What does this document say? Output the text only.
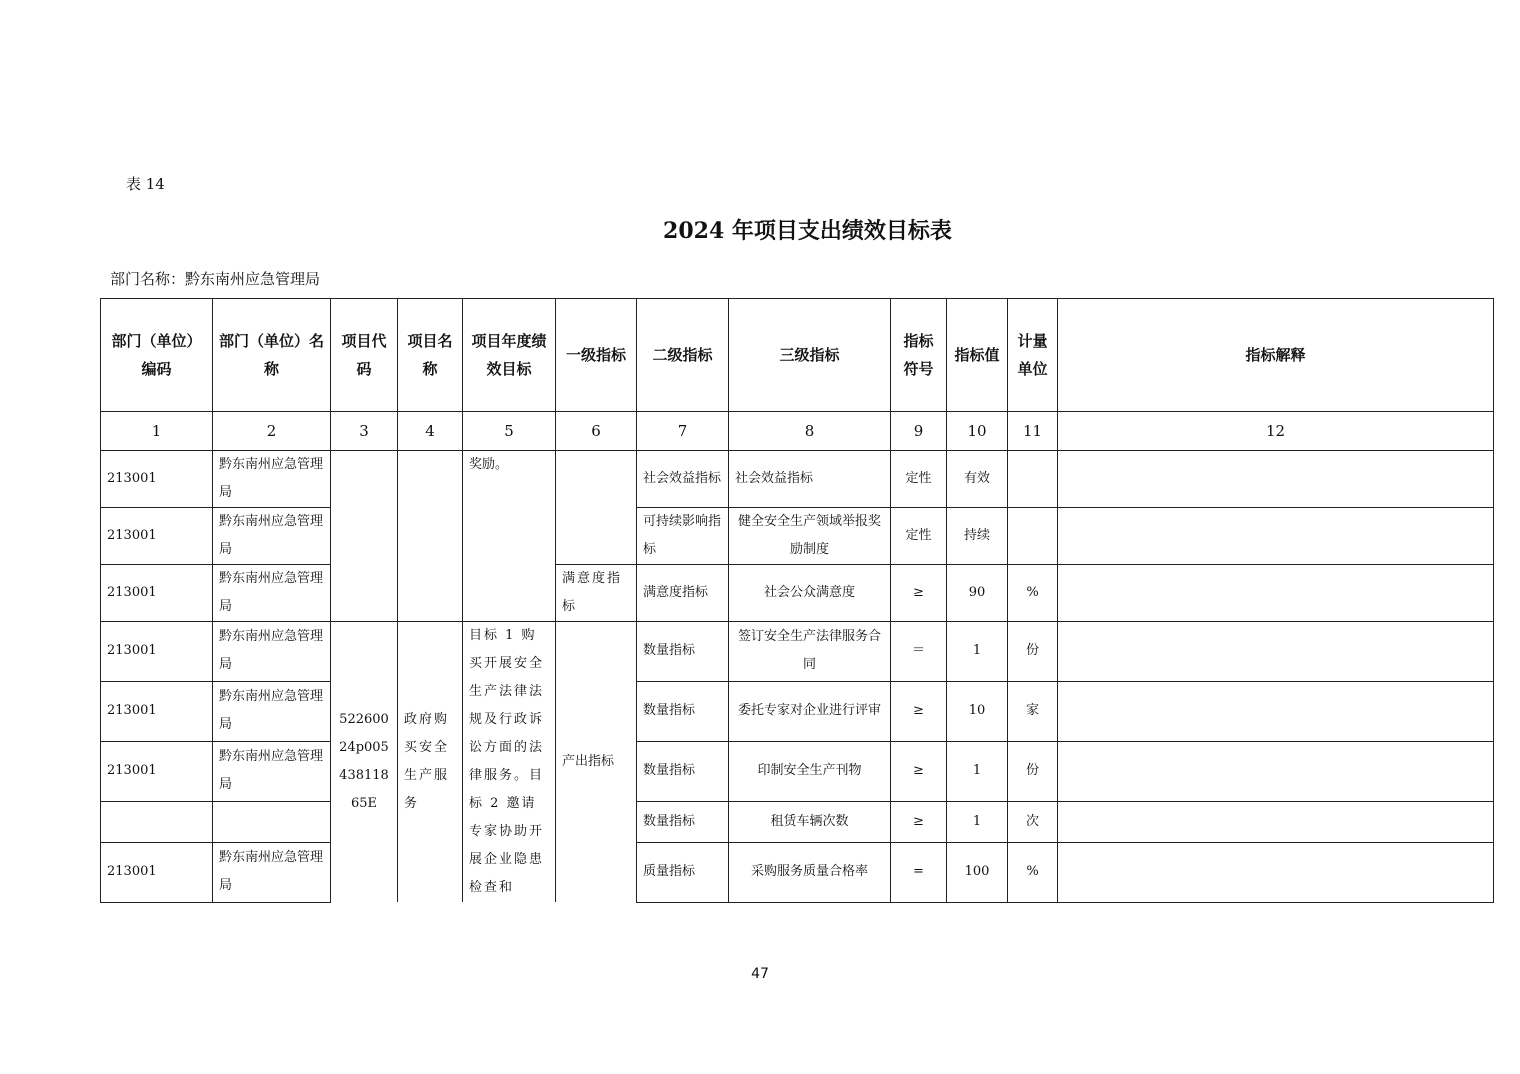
表 14
2024 年项目支出绩效目标表
部门名称：黔东南州应急管理局
部门（单位）编码	部门（单位）名称	项目代码	项目名称	项目年度绩效目标	一级指标	二级指标	三级指标	指标符号	指标值	计量单位	指标解释
1	2	3	4	5	6	7	8	9	10	11	12
213001	黔东南州应急管理局			奖励。		社会效益指标	社会效益指标	定性	有效		
213001	黔东南州应急管理局					可持续影响指标	健全安全生产领域举报奖励制度	定性	持续		
213001	黔东南州应急管理局				满意度指标	满意度指标	社会公众满意度	≥	90	%	
213001	黔东南州应急管理局	52260024p00543811865E	政府购买安全生产服务	目标 1 购买开展安全生产法律法规及行政诉讼方面的法律服务。目标 2 邀请专家协助开展企业隐患检查和	产出指标	数量指标	签订安全生产法律服务合同	＝	1	份	
213001	黔东南州应急管理局					数量指标	委托专家对企业进行评审	≥	10	家	
213001	黔东南州应急管理局					数量指标	印制安全生产刊物	≥	1	份	
						数量指标	租赁车辆次数	≥	1	次	
213001	黔东南州应急管理局					质量指标	采购服务质量合格率	=	100	%	
47
